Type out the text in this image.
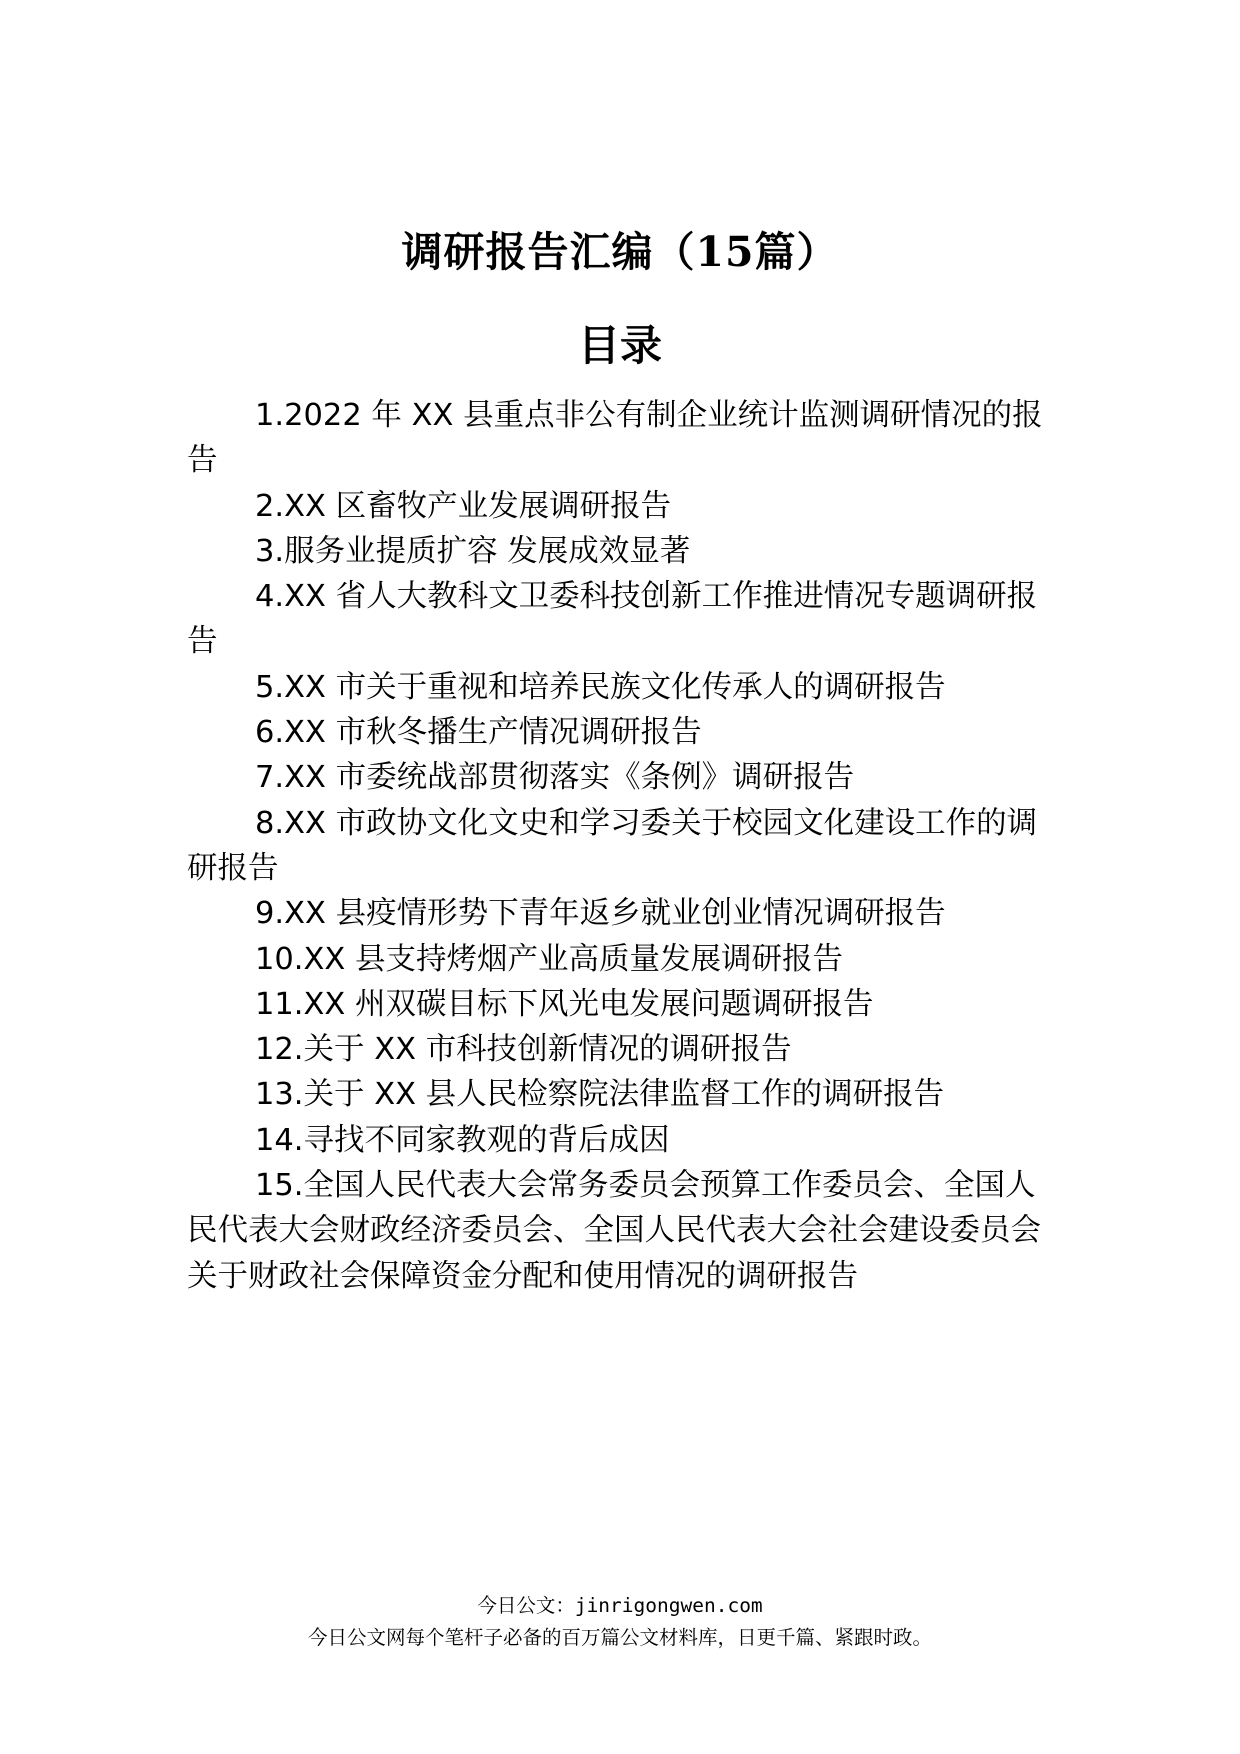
调研报告汇编（15篇）
目录
1.2022 年 XX 县重点非公有制企业统计监测调研情况的报告
2.XX 区畜牧产业发展调研报告
3.服务业提质扩容 发展成效显著
4.XX 省人大教科文卫委科技创新工作推进情况专题调研报告
5.XX 市关于重视和培养民族文化传承人的调研报告
6.XX 市秋冬播生产情况调研报告
7.XX 市委统战部贯彻落实《条例》调研报告
8.XX 市政协文化文史和学习委关于校园文化建设工作的调研报告
9.XX 县疫情形势下青年返乡就业创业情况调研报告
10.XX 县支持烤烟产业高质量发展调研报告
11.XX 州双碳目标下风光电发展问题调研报告
12.关于 XX 市科技创新情况的调研报告
13.关于 XX 县人民检察院法律监督工作的调研报告
14.寻找不同家教观的背后成因
15.全国人民代表大会常务委员会预算工作委员会、全国人民代表大会财政经济委员会、全国人民代表大会社会建设委员会关于财政社会保障资金分配和使用情况的调研报告
今日公文：jinrigongwen.com
今日公文网每个笔杆子必备的百万篇公文材料库，日更千篇、紧跟时政。
